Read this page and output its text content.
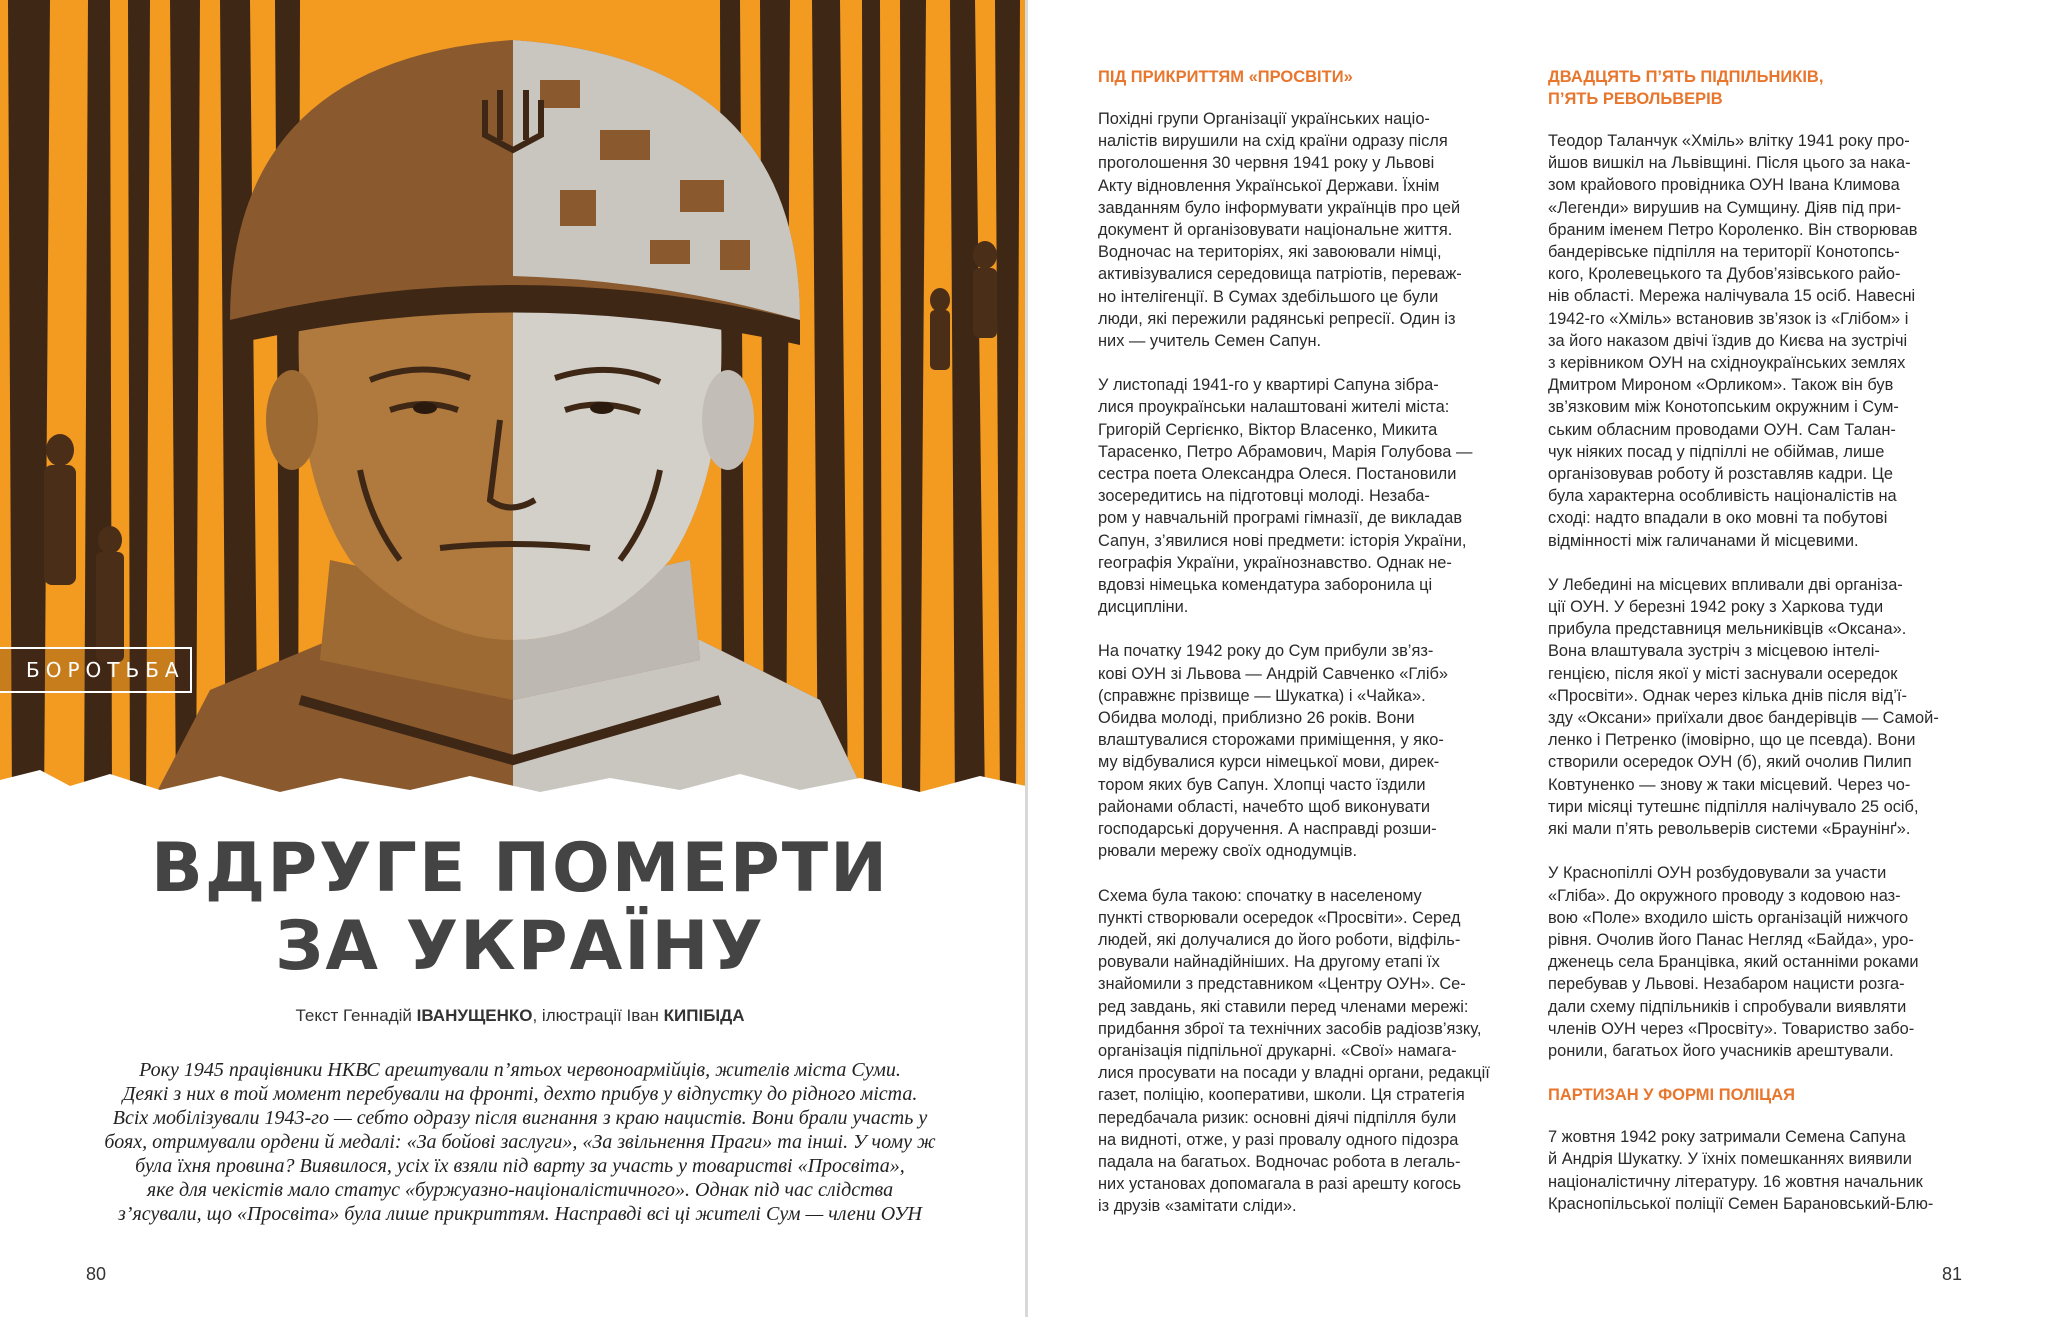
БОРОТЬБА
ВДРУГЕ ПОМЕРТИ
ЗА УКРАЇНУ
Текст Геннадій ІВАНУЩЕНКО, ілюстрації Іван КИПІБІДА
Року 1945 працівники НКВС арештували п’ятьох червоноармійців, жителів міста Суми.
Деякі з них в той момент перебували на фронті, дехто прибув у відпустку до рідного міста.
Всіх мобілізували 1943-го — себто одразу після вигнання з краю нацистів. Вони брали участь у
боях, отримували ордени й медалі: «За бойові заслуги», «За звільнення Праги» та інші. У чому ж
була їхня провина? Виявилося, усіх їх взяли під варту за участь у товаристві «Просвіта»,
яке для чекістів мало статус «буржуазно-націоналістичного». Однак під час слідства
з’ясували, що «Просвіта» була лише прикриттям. Насправді всі ці жителі Сум — члени ОУН
80
ПІД ПРИКРИТТЯМ «ПРОСВІТИ»
Похідні групи Організації українських націо-
налістів вирушили на схід країни одразу після
проголошення 30 червня 1941 року у Львові
Акту відновлення Української Держави. Їхнім
завданням було інформувати українців про цей
документ й організовувати національне життя.
Водночас на територіях, які завоювали німці,
активізувалися середовища патріотів, переваж-
но інтелігенції. В Сумах здебільшого це були
люди, які пережили радянські репресії. Один із
них — учитель Семен Сапун.
У листопаді 1941-го у квартирі Сапуна зібра-
лися проукраїнськи налаштовані жителі міста:
Григорій Сергієнко, Віктор Власенко, Микита
Тарасенко, Петро Абрамович, Марія Голубова —
сестра поета Олександра Олеся. Постановили
зосередитись на підготовці молоді. Незаба-
ром у навчальній програмі гімназії, де викладав
Сапун, з’явилися нові предмети: історія України,
географія України, українознавство. Однак не-
вдовзі німецька комендатура заборонила ці
дисципліни.
На початку 1942 року до Сум прибули зв’яз-
кові ОУН зі Львова — Андрій Савченко «Гліб»
(справжнє прізвище — Шукатка) і «Чайка».
Обидва молоді, приблизно 26 років. Вони
влаштувалися сторожами приміщення, у яко-
му відбувалися курси німецької мови, дирек-
тором яких був Сапун. Хлопці часто їздили
районами області, начебто щоб виконувати
господарські доручення. А насправді розши-
рювали мережу своїх однодумців.
Схема була такою: спочатку в населеному
пункті створювали осередок «Просвіти». Серед
людей, які долучалися до його роботи, відфіль-
ровували найнадійніших. На другому етапі їх
знайомили з представником «Центру ОУН». Се-
ред завдань, які ставили перед членами мережі:
придбання зброї та технічних засобів радіозв’язку,
організація підпільної друкарні. «Свої» намага-
лися просувати на посади у владні органи, редакції
газет, поліцію, кооперативи, школи. Ця стратегія
передбачала ризик: основні діячі підпілля були
на видноті, отже, у разі провалу одного підозра
падала на багатьох. Водночас робота в легаль-
них установах допомагала в разі арешту когось
із друзів «замітати сліди».
ДВАДЦЯТЬ П’ЯТЬ ПІДПІЛЬНИКІВ,
П’ЯТЬ РЕВОЛЬВЕРІВ
Теодор Таланчук «Хміль» влітку 1941 року про-
йшов вишкіл на Львівщині. Після цього за нака-
зом крайового провідника ОУН Івана Климова
«Легенди» вирушив на Сумщину. Діяв під при-
браним іменем Петро Короленко. Він створював
бандерівське підпілля на території Конотопсь-
кого, Кролевецького та Дубов’язівського райо-
нів області. Мережа налічувала 15 осіб. Навесні
1942-го «Хміль» встановив зв’язок із «Глібом» і
за його наказом двічі їздив до Києва на зустрічі
з керівником ОУН на східноукраїнських землях
Дмитром Мироном «Орликом». Також він був
зв’язковим між Конотопським окружним і Сум-
ським обласним проводами ОУН. Сам Талан-
чук ніяких посад у підпіллі не обіймав, лише
організовував роботу й розставляв кадри. Це
була характерна особливість націоналістів на
сході: надто впадали в око мовні та побутові
відмінності між галичанами й місцевими.
У Лебедині на місцевих впливали дві організа-
ції ОУН. У березні 1942 року з Харкова туди
прибула представниця мельниківців «Оксана».
Вона влаштувала зустріч з місцевою інтелі-
генцією, після якої у місті заснували осередок
«Просвіти». Однак через кілька днів після від’ї-
зду «Оксани» приїхали двоє бандерівців — Самой-
ленко і Петренко (імовірно, що це псевда). Вони
створили осередок ОУН (б), який очолив Пилип
Ковтуненко — знову ж таки місцевий. Через чо-
тири місяці тутешнє підпілля налічувало 25 осіб,
які мали п’ять револьверів системи «Браунінґ».
У Краснопіллі ОУН розбудовували за участи
«Гліба». До окружного проводу з кодовою наз-
вою «Поле» входило шість організацій нижчого
рівня. Очолив його Панас Негляд «Байда», уро-
дженець села Бранцівка, який останніми роками
перебував у Львові. Незабаром нацисти розга-
дали схему підпільників і спробували виявляти
членів ОУН через «Просвіту». Товариство забо-
ронили, багатьох його учасників арештували.
ПАРТИЗАН У ФОРМІ ПОЛІЦАЯ
7 жовтня 1942 року затримали Семена Сапуна
й Андрія Шукатку. У їхніх помешканнях виявили
націоналістичну літературу. 16 жовтня начальник
Краснопільської поліції Семен Барановський-Блю-
81
